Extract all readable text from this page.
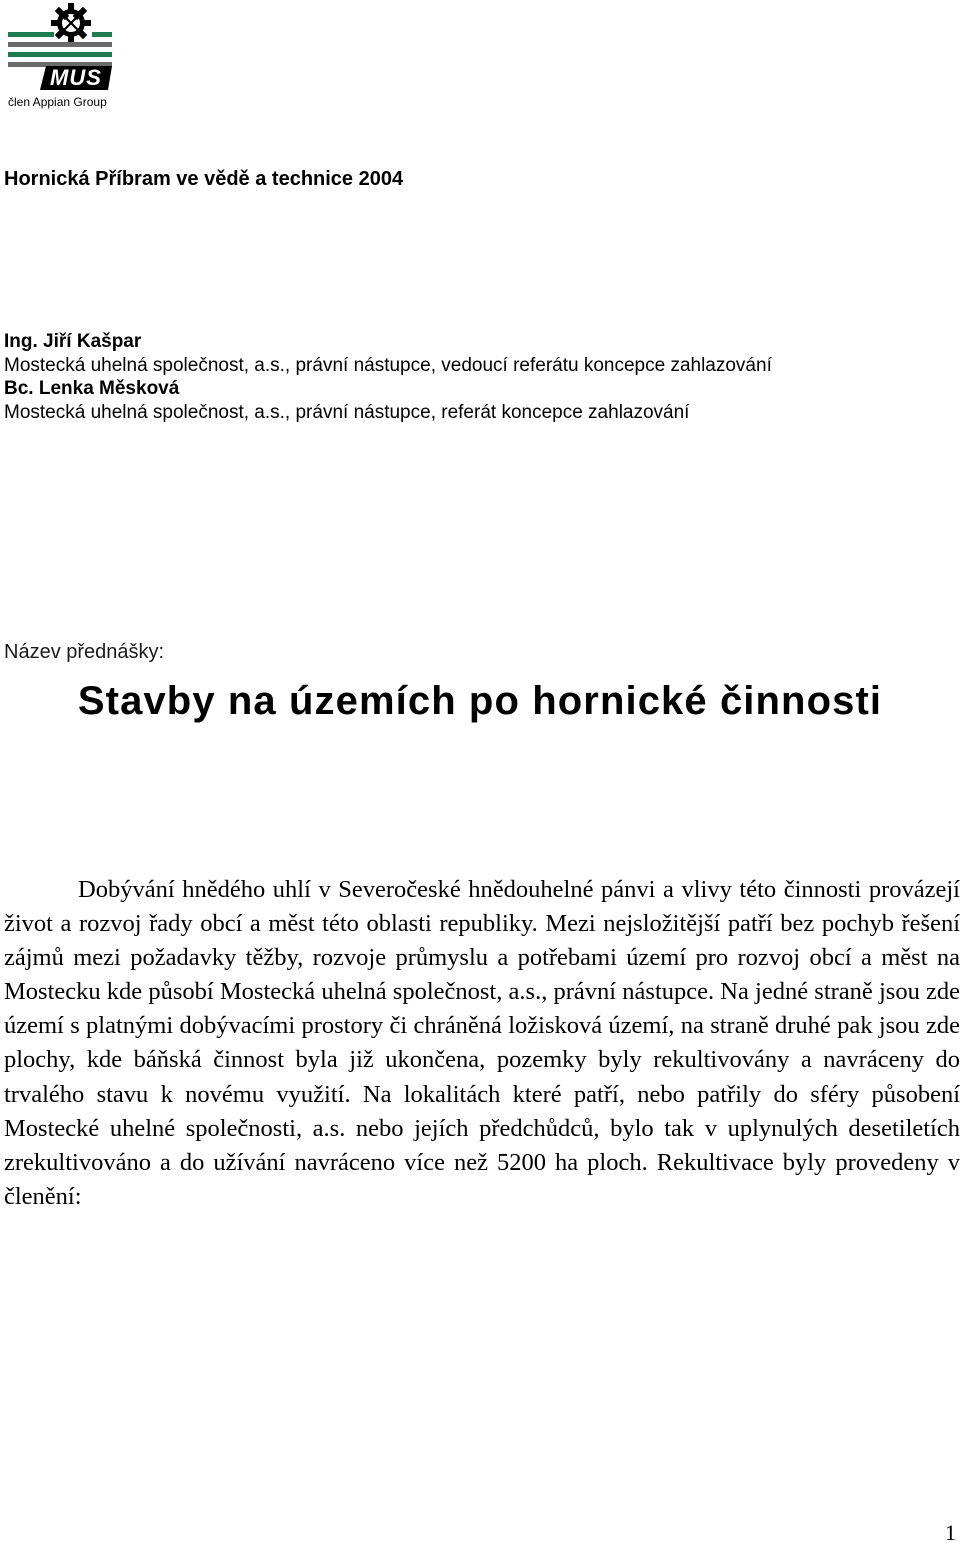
MUS
člen Appian Group
Hornická Příbram ve vědě a technice 2004
Ing. Jiří Kašpar
Mostecká uhelná společnost, a.s., právní nástupce, vedoucí referátu koncepce zahlazování
Bc. Lenka Měsková
Mostecká uhelná společnost, a.s., právní nástupce, referát koncepce zahlazování
Název přednášky:
Stavby na územích po hornické činnosti

Dobývání hnědého uhlí v Severočeské hnědouhelné pánvi a vlivy této činnosti provázejí život a rozvoj řady obcí a měst této oblasti republiky. Mezi nejsložitější patří bez pochyb řešení zájmů mezi požadavky těžby, rozvoje průmyslu a potřebami území pro rozvoj obcí a měst na Mostecku kde působí Mostecká uhelná společnost, a.s., právní nástupce. Na jedné straně jsou zde území s platnými dobývacími prostory či chráněná ložisková území, na straně druhé pak jsou zde plochy, kde báňská činnost byla již ukončena, pozemky byly rekultivovány a navráceny do trvalého stavu k novému využití. Na lokalitách které patří, nebo patřily do sféry působení Mostecké uhelné společnosti, a.s. nebo jejích předchůdců, bylo tak v uplynulých desetiletích zrekultivováno a do užívání navráceno více než 5200 ha ploch. Rekultivace byly provedeny v členění:

1
